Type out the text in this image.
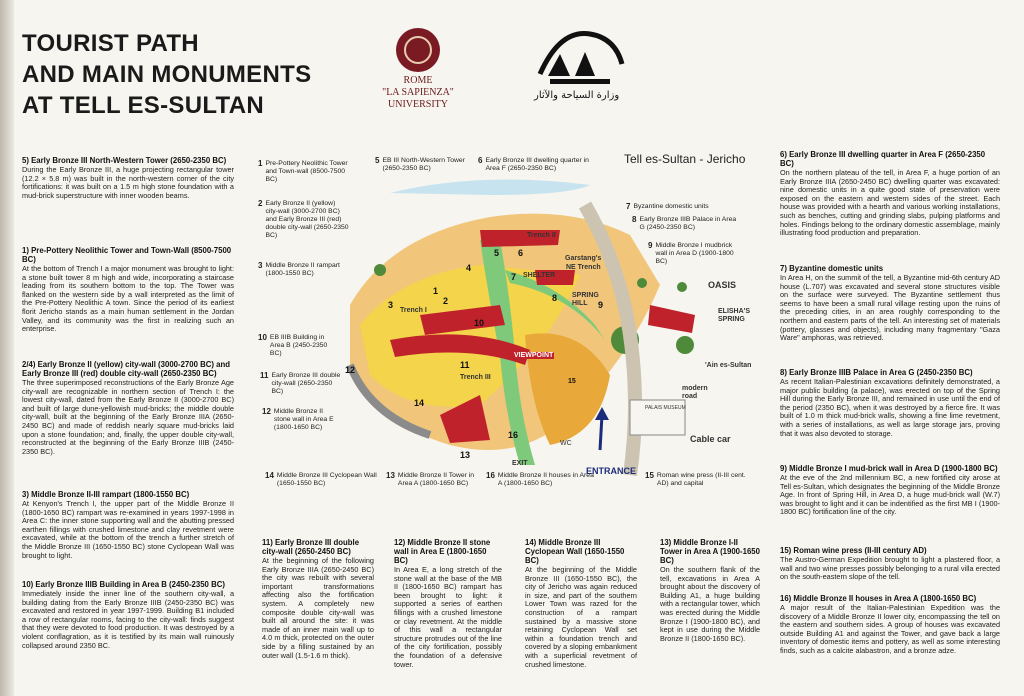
TOURIST PATH
AND MAIN MONUMENTS
AT TELL ES-SULTAN
ROME
"LA SAPIENZA"
UNIVERSITY
وزارة السياحة والآثار
Tell es-Sultan - Jericho
5) Early Bronze III North-Western Tower (2650-2350 BC)

During the Early Bronze III, a huge projecting rectangular tower (12.2 × 5.8 m) was built in the north-western corner of the city fortifications: it was built on a 1.5 m high stone foundation with a mud-brick superstructure with inner wooden beams.

1) Pre-Pottery Neolithic Tower and Town-Wall (8500-7500 BC)

At the bottom of Trench I a major monument was brought to light: a stone built tower 8 m high and wide, incorporating a staircase leading from its southern bottom to the top. The Tower was flanked on the western side by a wall interpreted as the limit of the Pre-Pottery Neolithic A town. Since the period of its earliest florit Jericho stands as a main human settlement in the Jordan Valley, and its community was the first in realizing such an enterprise.

2/4) Early Bronze II (yellow) city-wall (3000-2700 BC) and Early Bronze III (red) double city-wall (2650-2350 BC)

The three superimposed reconstructions of the Early Bronze Age city-wall are recognizable in northern section of Trench I: the lowest city-wall, dated from the Early Bronze II (3000-2700 BC) and built of large dune-yellowish mud-bricks; the middle double city-wall, built at the beginning of the Early Bronze IIIA (2650-2450 BC) and made of reddish nearly square mud-bricks laid upon a stone foundation; and, finally, the upper double city-wall, reconstructed at the beginning of the Early Bronze IIIB (2450-2350 BC).

3) Middle Bronze II-III rampart (1800-1550 BC)

At Kenyon's Trench I, the upper part of the Middle Bronze II (1800-1650 BC) rampart was re-examined in years 1997-1998 in Area C: the inner stone supporting wall and the abutting pressed earthen fillings with crushed limestone and clay revetment were excavated, while at the bottom of the trench a further stretch of the Middle Bronze III (1650-1550 BC) stone Cyclopean Wall was brought to light.

10) Early Bronze IIIB Building in Area B (2450-2350 BC)

Immediately inside the inner line of the southern city-wall, a building dating from the Early Bronze IIIB (2450-2350 BC) was excavated and restored in year 1997-1999. Building B1 included a row of rectangular rooms, facing to the city-wall: finds suggest that they were devoted to food production. It was destroyed by a violent conflagration, as it is testified by its main wall ruinously collapsed around 2350 BC.

6) Early Bronze III dwelling quarter in Area F (2650-2350 BC)

On the northern plateau of the tell, in Area F, a huge portion of an Early Bronze IIIA (2650-2450 BC) dwelling quarter was excavated: nine domestic units in a quite good state of preservation were exposed on the eastern and western sides of the street. Each house was provided with a hearth and various working installations, such as benches, cutting and grinding slabs, pulping platforms and holes. Findings belong to the ordinary domestic assemblage, mainly illustrating food production and preparation.

7) Byzantine domestic units

In Area H, on the summit of the tell, a Byzantine mid-6th century AD house (L.707) was excavated and several stone structures visible on the surface were surveyed. The Byzantine settlement thus seems to have been a small rural village resting upon the ruins of the preceding cities, in an area roughly corresponding to the northern and eastern parts of the tell. An interesting set of materials (pottery, glasses and objects), including many fragmentary "Gaza Ware" amphoras, was retrieved.

8) Early Bronze IIIB Palace in Area G (2450-2350 BC)

As recent Italian-Palestinian excavations definitely demonstrated, a major public building (a palace), was erected on top of the Spring Hill during the Early Bronze III, and remained in use until the end of the period (2350 BC), when it was destroyed by a fierce fire. It was built of 1.0 m thick mud-brick walls, showing a fine lime revetment, with a series of installations, as well as large storage jars, proving that it was also devoted to storage.

9) Middle Bronze I mud-brick wall in Area D (1900-1800 BC)

At the eve of the 2nd millennium BC, a new fortified city arose at Tell es-Sultan, which designates the beginning of the Middle Bronze Age. In front of Spring Hill, in Area D, a huge mud-brick wall (W.7) was brought to light and it can be indentified as the first MB I (1900-1800 BC) fortification line of the city.

15) Roman wine press (II-III century AD)

The Austro-German Expedition brought to light a plastered floor, a wall and two wine presses possibly belonging to a rural villa erected on the south-eastern slope of the tell.

16) Middle Bronze II houses in Area A (1800-1650 BC)

A major result of the Italian-Palestinian Expedition was the discovery of a Middle Bronze II lower city, encompassing the tell on the eastern and southern sides. A group of houses was excavated outside Building A1 and against the Tower, and gave back a large inventory of domestic items and pottery, as well as some interesting finds, such as a calcite alabastron, and a bronze adze.

11) Early Bronze III double city-wall (2650-2450 BC)

At the beginning of the following Early Bronze IIIA (2650-2450 BC) the city was rebuilt with several important transformations affecting also the fortification system. A completely new composite double city-wall was built all around the site: it was made of an inner main wall up to 4.0 m thick, protected on the outer side by a filling sustained by an outer wall (1.5-1.6 m thick).

12) Middle Bronze II stone wall in Area E (1800-1650 BC)

In Area E, a long stretch of the stone wall at the base of the MB II (1800-1650 BC) rampart has been brought to light: it supported a series of earthen fillings with a crushed limestone or clay revetment. At the middle of this wall a rectangular structure protrudes out of the line of the city fortification, possibly the foundation of a defensive tower.

14) Middle Bronze III Cyclopean Wall (1650-1550 BC)

At the beginning of the Middle Bronze III (1650-1550 BC), the city of Jericho was again reduced in size, and part of the southern Lower Town was razed for the construction of a rampart sustained by a massive stone retaining Cyclopean Wall set within a foundation trench and covered by a sloping embankment with a superficial revetment of crushed limestone.

13) Middle Bronze I-II Tower in Area A (1900-1650 BC)

On the southern flank of the tell, excavations in Area A brought about the discovery of Building A1, a huge building with a rectangular tower, which was erected during the Middle Bronze I (1900-1800 BC), and kept in use during the Middle Bronze II (1800-1650 BC).

1 Pre-Pottery Neolithic Tower and Town-wall (8500-7500 BC)
5 EB III North-Western Tower (2650-2350 BC)
6 Early Bronze III dwelling quarter in Area F (2650-2350 BC)
2 Early Bronze II (yellow) city-wall (3000-2700 BC) and Early Bronze III (red) double city-wall (2650-2350 BC)
7 Byzantine domestic units
8 Early Bronze IIIB Palace in Area G (2450-2350 BC)
9 Middle Bronze I mudbrick wall in Area D (1900-1800 BC)
3 Middle Bronze II rampart (1800-1550 BC)
10 EB IIIB Building in Area B (2450-2350 BC)
11 Early Bronze III double city-wall (2650-2350 BC)
12 Middle Bronze II stone wall in Area E (1800-1650 BC)
14 Middle Bronze III Cyclopean Wall (1650-1550 BC)
13 Middle Bronze II Tower in Area A (1800-1650 BC)
16 Middle Bronze II houses in Area A (1800-1650 BC)
15 Roman wine press (II-III cent. AD) and capital
Trench II
Garstang's
NE Trench
SHELTER
SPRING
HILL
OASIS
ELISHA'S
SPRING
'Ain es-Sultan
Trench I
Trench III
VIEWPOINT
modern
road
Cable car
ENTRANCE
EXIT
WC
PALAIS MUSEUM
5 6
1
2
4
3
7
8
9
10
11
12
14
13
16
15
